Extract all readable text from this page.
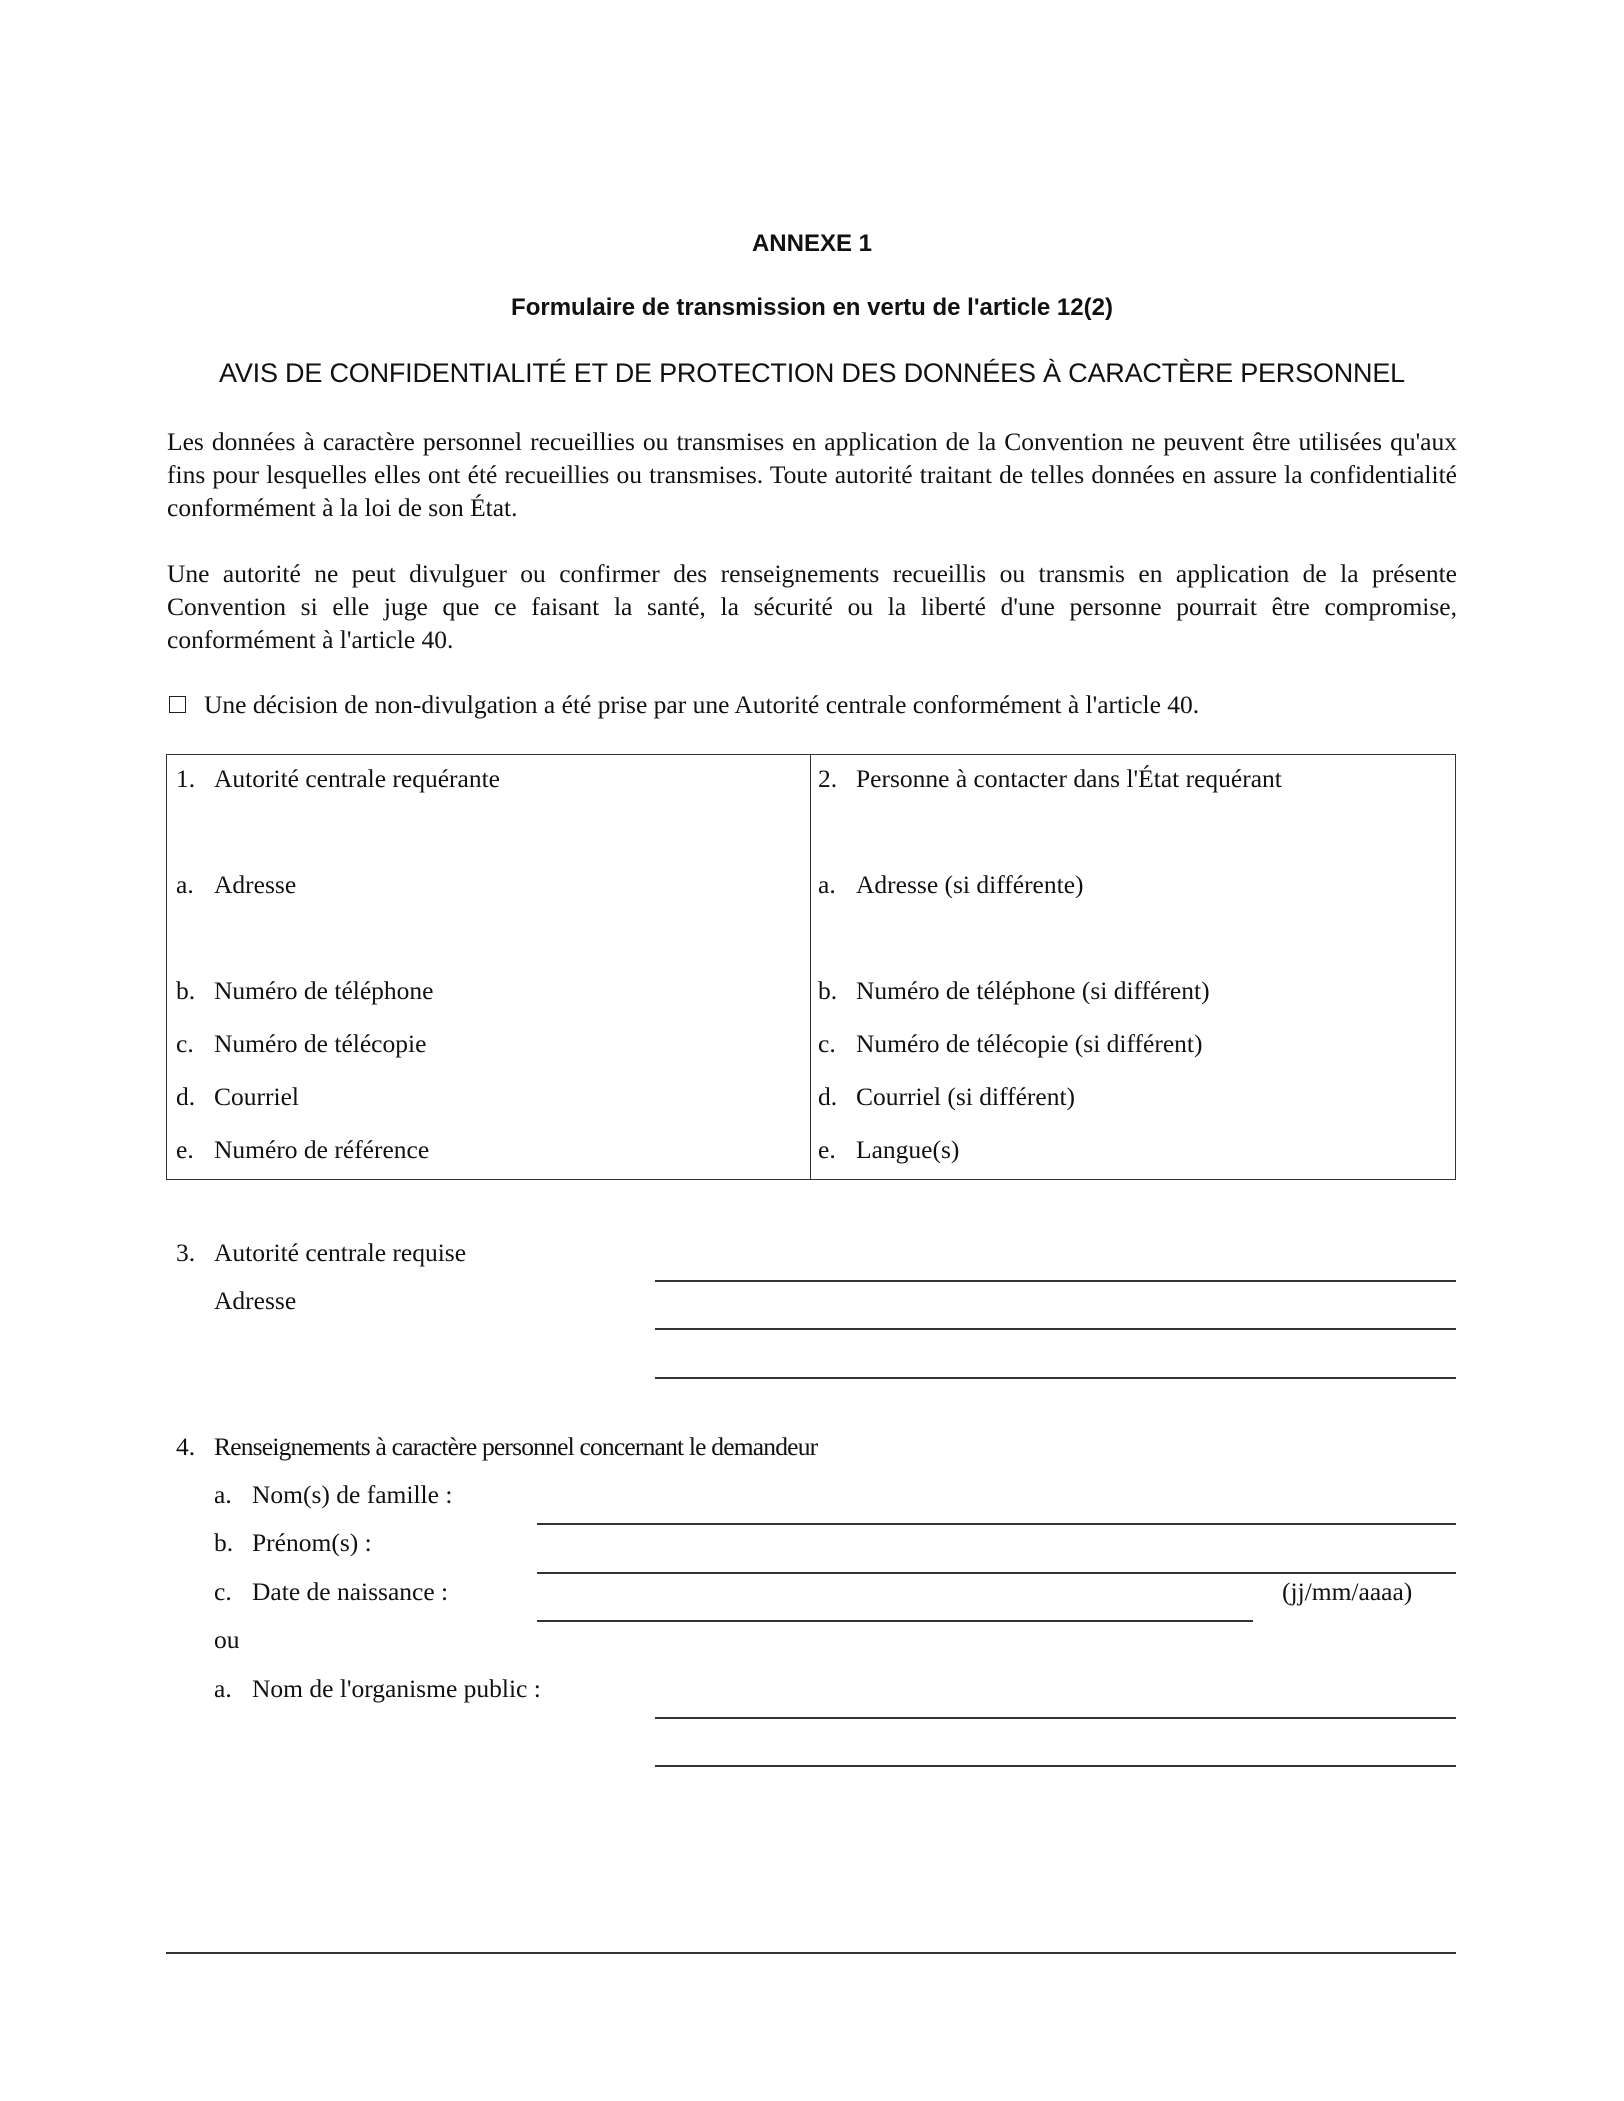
ANNEXE 1
Formulaire de transmission en vertu de l'article 12(2)
AVIS DE CONFIDENTIALITÉ ET DE PROTECTION DES DONNÉES À CARACTÈRE PERSONNEL
Les données à caractère personnel recueillies ou transmises en application de la Convention ne peuvent être utilisées qu'aux fins pour lesquelles elles ont été recueillies ou transmises. Toute autorité traitant de telles données en assure la confidentialité conformément à la loi de son État.
Une autorité ne peut divulguer ou confirmer des renseignements recueillis ou transmis en application de la présente Convention si elle juge que ce faisant la santé, la sécurité ou la liberté d'une personne pourrait être compromise, conformément à l'article 40.
Une décision de non-divulgation a été prise par une Autorité centrale conformément à l'article 40.
1. Autorité centrale requérante
a. Adresse
b. Numéro de téléphone
c. Numéro de télécopie
d. Courriel
e. Numéro de référence
2. Personne à contacter dans l'État requérant
a. Adresse (si différente)
b. Numéro de téléphone (si différent)
c. Numéro de télécopie (si différent)
d. Courriel (si différent)
e. Langue(s)
3. Autorité centrale requise
Adresse
4. Renseignements à caractère personnel concernant le demandeur
a. Nom(s) de famille :
b. Prénom(s) :
c. Date de naissance :	(jj/mm/aaaa)
ou
a. Nom de l'organisme public :
